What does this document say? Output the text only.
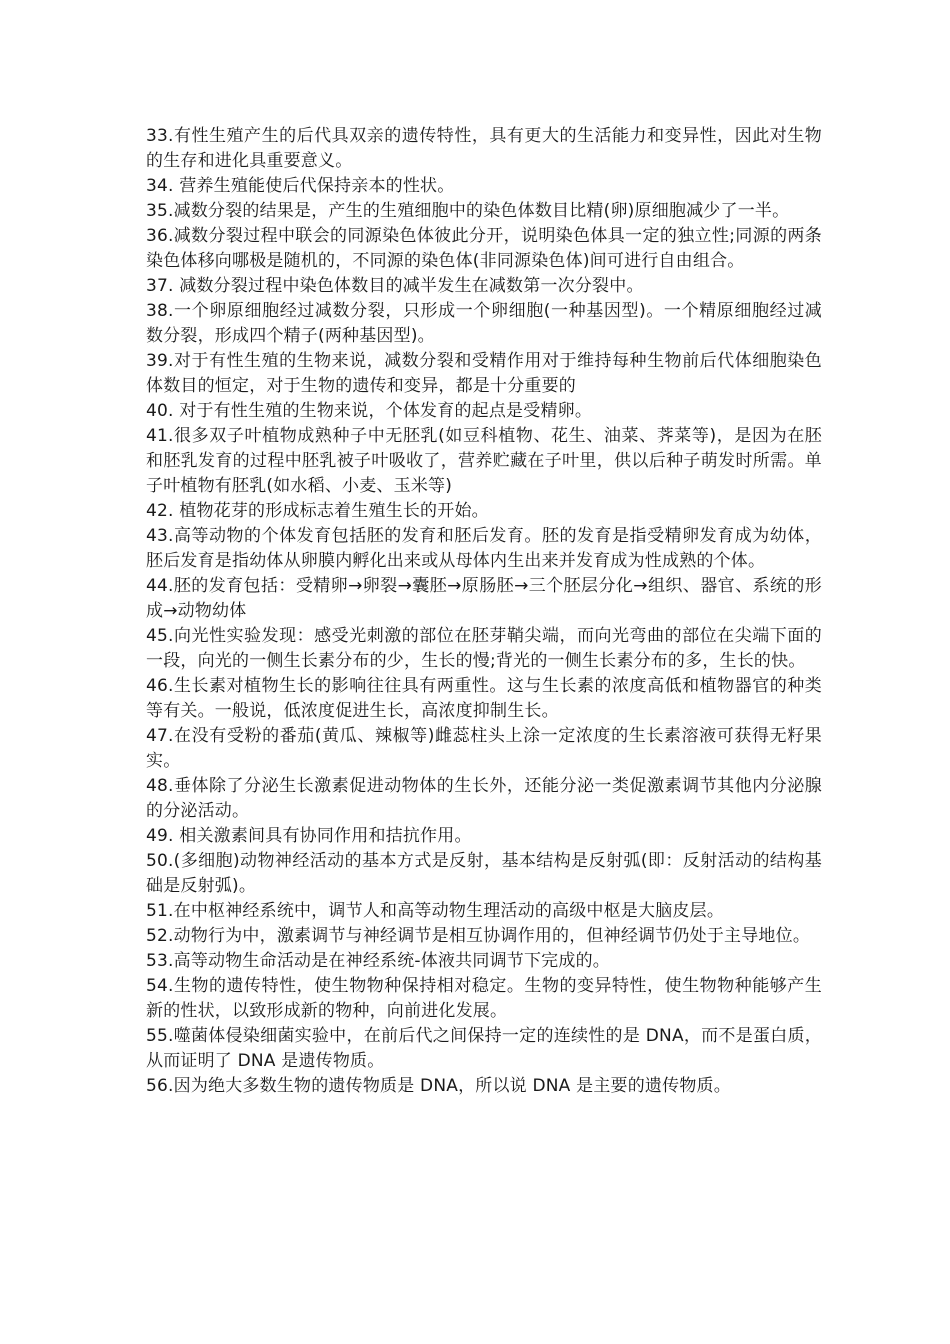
33.有性生殖产生的后代具双亲的遗传特性，具有更大的生活能力和变异性，因此对生物的生存和进化具重要意义。

34. 营养生殖能使后代保持亲本的性状。

35.减数分裂的结果是，产生的生殖细胞中的染色体数目比精(卵)原细胞减少了一半。

36.减数分裂过程中联会的同源染色体彼此分开，说明染色体具一定的独立性;同源的两条染色体移向哪极是随机的，不同源的染色体(非同源染色体)间可进行自由组合。

37. 减数分裂过程中染色体数目的减半发生在减数第一次分裂中。

38.一个卵原细胞经过减数分裂，只形成一个卵细胞(一种基因型)。一个精原细胞经过减数分裂，形成四个精子(两种基因型)。

39.对于有性生殖的生物来说，减数分裂和受精作用对于维持每种生物前后代体细胞染色体数目的恒定，对于生物的遗传和变异，都是十分重要的

40. 对于有性生殖的生物来说，个体发育的起点是受精卵。

41.很多双子叶植物成熟种子中无胚乳(如豆科植物、花生、油菜、荠菜等)，是因为在胚和胚乳发育的过程中胚乳被子叶吸收了，营养贮藏在子叶里，供以后种子萌发时所需。单子叶植物有胚乳(如水稻、小麦、玉米等)

42. 植物花芽的形成标志着生殖生长的开始。

43.高等动物的个体发育包括胚的发育和胚后发育。胚的发育是指受精卵发育成为幼体，胚后发育是指幼体从卵膜内孵化出来或从母体内生出来并发育成为性成熟的个体。

44.胚的发育包括：受精卵→卵裂→囊胚→原肠胚→三个胚层分化→组织、器官、系统的形成→动物幼体

45.向光性实验发现：感受光刺激的部位在胚芽鞘尖端，而向光弯曲的部位在尖端下面的一段，向光的一侧生长素分布的少，生长的慢;背光的一侧生长素分布的多，生长的快。

46.生长素对植物生长的影响往往具有两重性。这与生长素的浓度高低和植物器官的种类等有关。一般说，低浓度促进生长，高浓度抑制生长。

47.在没有受粉的番茄(黄瓜、辣椒等)雌蕊柱头上涂一定浓度的生长素溶液可获得无籽果实。

48.垂体除了分泌生长激素促进动物体的生长外，还能分泌一类促激素调节其他内分泌腺的分泌活动。

49. 相关激素间具有协同作用和拮抗作用。

50.(多细胞)动物神经活动的基本方式是反射，基本结构是反射弧(即：反射活动的结构基础是反射弧)。

51.在中枢神经系统中，调节人和高等动物生理活动的高级中枢是大脑皮层。

52.动物行为中，激素调节与神经调节是相互协调作用的，但神经调节仍处于主导地位。

53.高等动物生命活动是在神经系统-体液共同调节下完成的。

54.生物的遗传特性，使生物物种保持相对稳定。生物的变异特性，使生物物种能够产生新的性状，以致形成新的物种，向前进化发展。

55.噬菌体侵染细菌实验中，在前后代之间保持一定的连续性的是 DNA，而不是蛋白质，从而证明了 DNA 是遗传物质。

56.因为绝大多数生物的遗传物质是 DNA，所以说 DNA 是主要的遗传物质。
